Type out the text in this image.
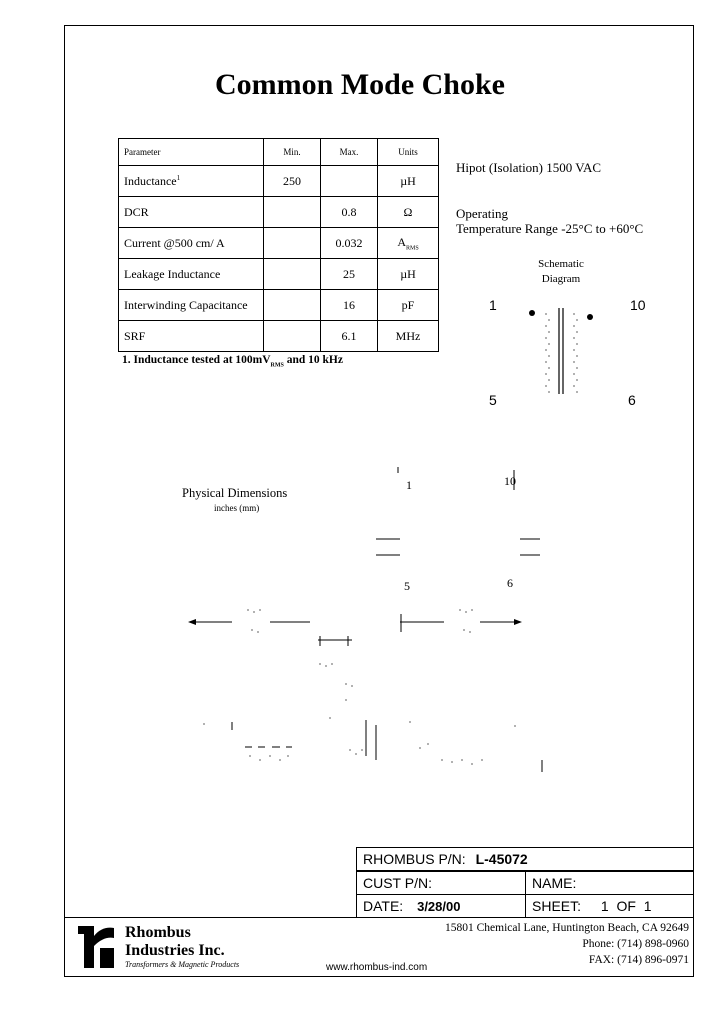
Common Mode Choke
Parameter	Min.	Max.	Units
Inductance$^1$	250		µH
DCR		0.8	Ω
Current @500 cm/ A		0.032	$A_{RMS}$
Leakage Inductance		25	µH
Interwinding Capacitance		16	pF
SRF		6.1	MHz
1. Inductance tested at $100mV_{RMS}$ and 10 kHz
Hipot (Isolation) 1500 VAC
Operating
Temperature Range -25°C to +60°C
Schematic
Diagram
1	10
5	6
Physical Dimensions
inches (mm)
1	10
5	6
RHOMBUS P/N: L-45072
CUST P/N:	NAME:
DATE: 3/28/00	SHEET: 1  OF  1
Rhombus
Industries Inc.
Transformers & Magnetic Products
15801 Chemical Lane, Huntington Beach, CA 92649
Phone: (714) 898-0960
FAX: (714) 896-0971
www.rhombus-ind.com
